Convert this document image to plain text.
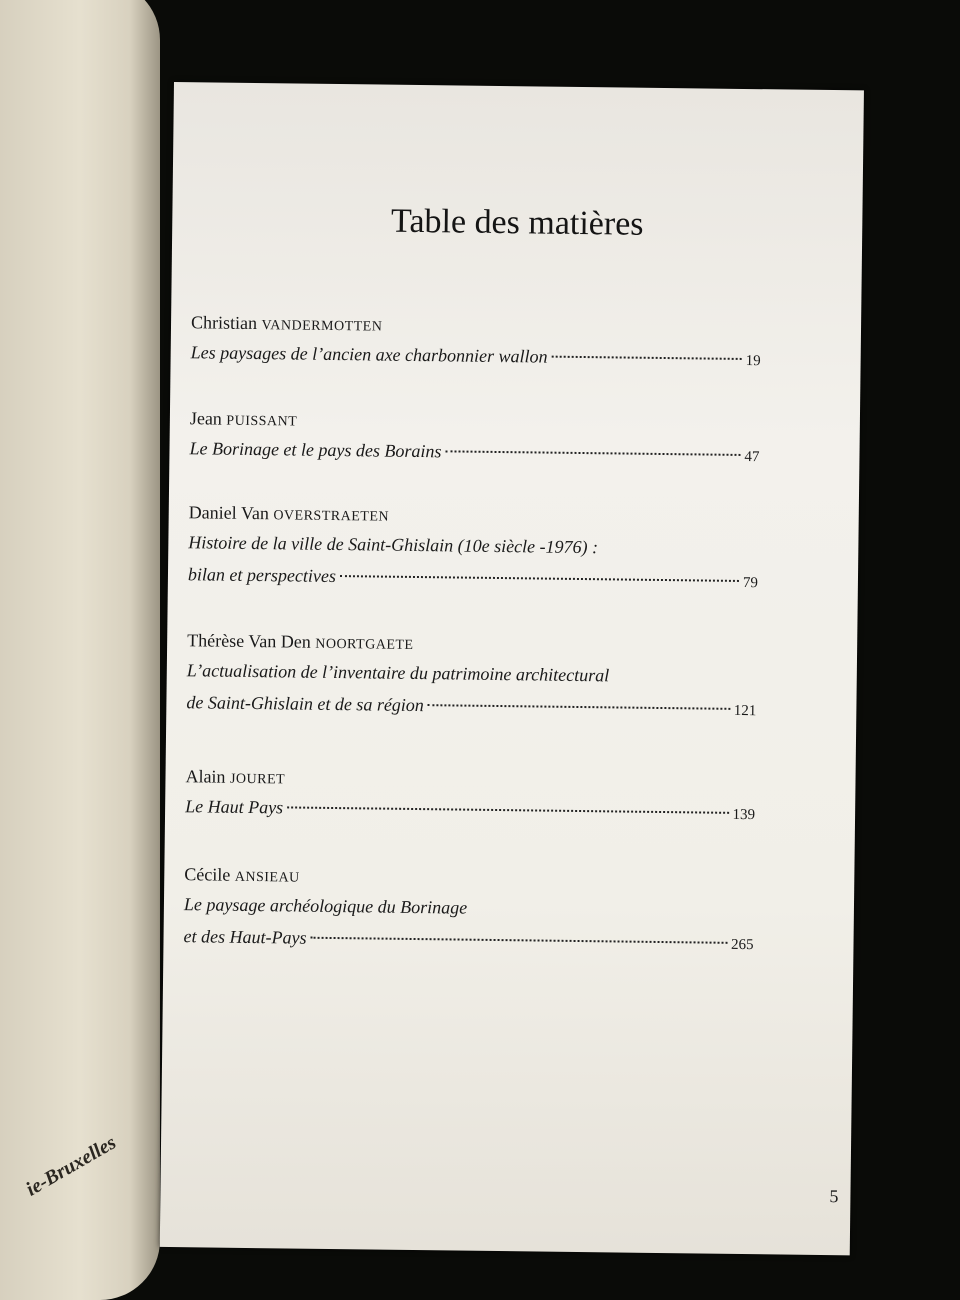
ie-Bruxelles
Table des matières
Christian VANDERMOTTEN
Les paysages de l’ancien axe charbonnier wallon	19
Jean PUISSANT
Le Borinage et le pays des Borains	47
Daniel Van OVERSTRAETEN
Histoire de la ville de Saint-Ghislain (10e siècle -1976) :
bilan et perspectives	79
Thérèse Van Den NOORTGAETE
L’actualisation de l’inventaire du patrimoine architectural
de Saint-Ghislain et de sa région	121
Alain JOURET
Le Haut Pays	139
Cécile ANSIEAU
Le paysage archéologique du Borinage
et des Haut-Pays	265
5
